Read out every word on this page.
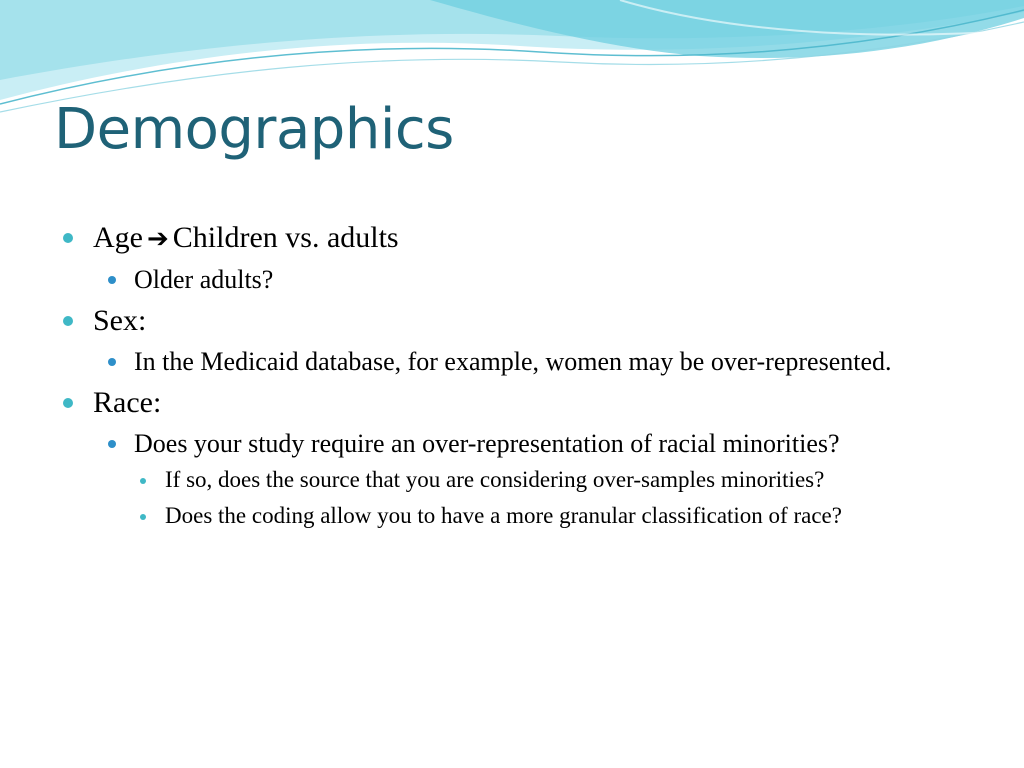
Demographics
Age ➔ Children vs. adults
Older adults?
Sex:
In the Medicaid database, for example, women may be over-represented.
Race:
Does your study require an over-representation of racial minorities?
If so, does the source that you are considering over-samples minorities?
Does the coding allow you to have a more granular classification of race?
